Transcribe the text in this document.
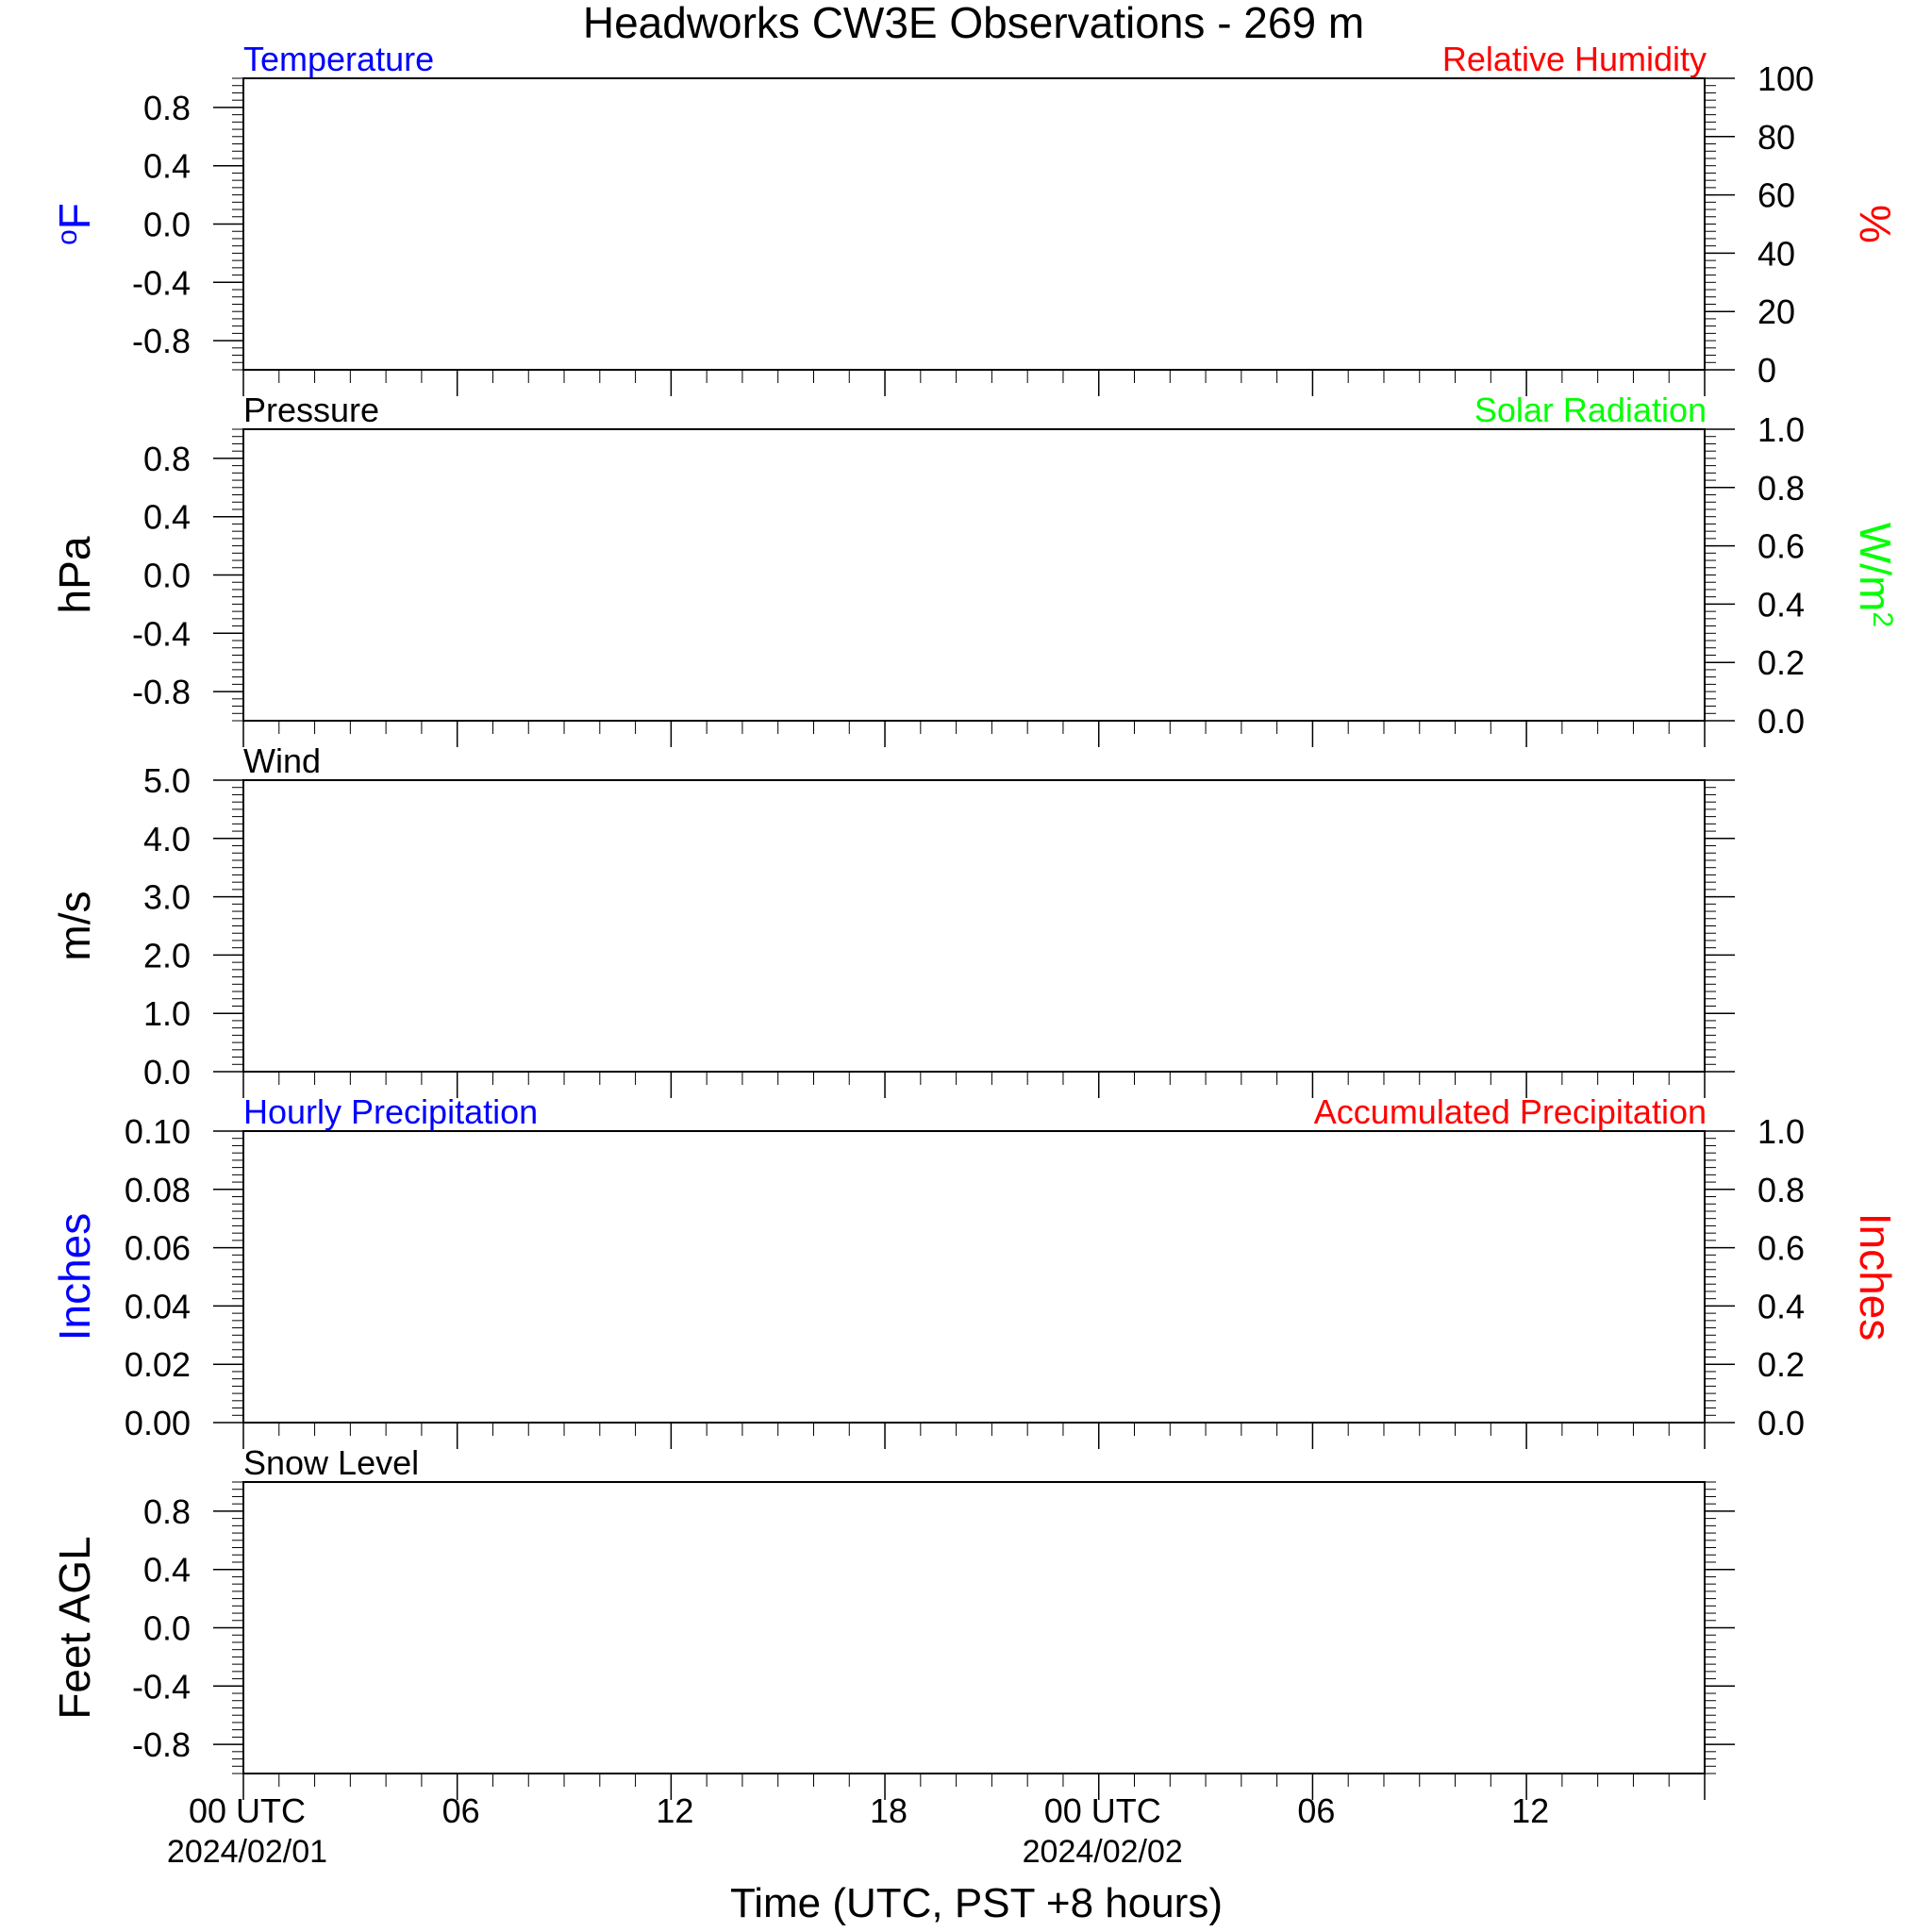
Headworks CW3E Observations - 269 m
0.8
0.4
0.0
-0.4
-0.8
100
80
60
40
20
0
Temperature	Relative Humidity
$^o$F	%
0.8
0.4
0.0
-0.4
-0.8
1.0
0.8
0.6
0.4
0.2
0.0
Pressure	Solar Radiation
hPa	$W/m^2$
5.0
4.0
3.0
2.0
1.0
0.0
Wind
m/s
0.10
0.08
0.06
0.04
0.02
0.00
1.0
0.8
0.6
0.4
0.2
0.0
Hourly Precipitation	Accumulated Precipitation
Inches	Inches
0.8
0.4
0.0
-0.4
-0.8
Snow Level
Feet AGL
00 UTC
2024/02/01
06	12	18	00 UTC
2024/02/02
06	12
Time (UTC, PST +8 hours)
